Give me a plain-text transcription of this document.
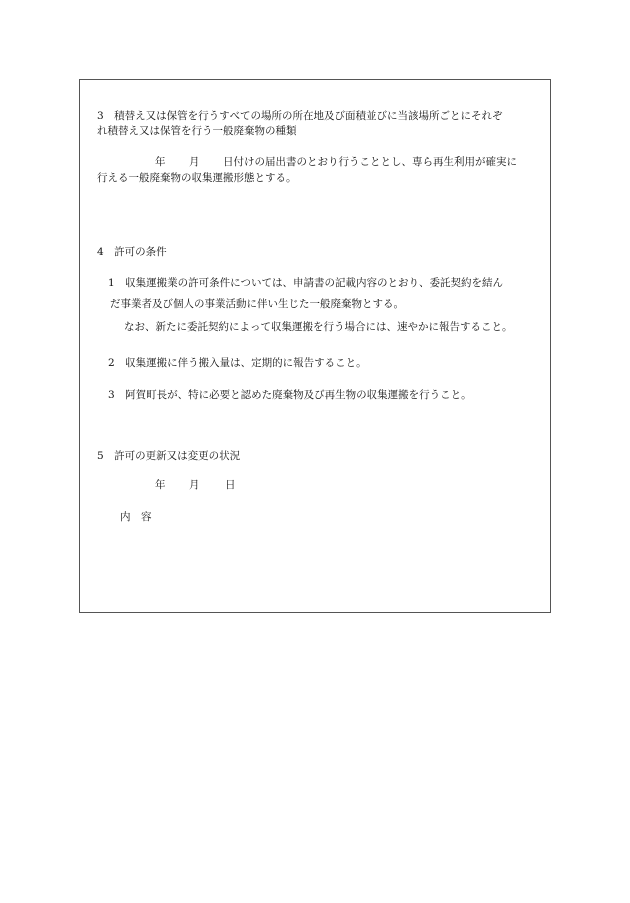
3　積替え又は保管を行うすべての場所の所在地及び面積並びに当該場所ごとにそれぞ
れ積替え又は保管を行う一般廃棄物の種類
年 月 日付けの届出書のとおり行うこととし、専ら再生利用が確実に
行える一般廃棄物の収集運搬形態とする。
4　許可の条件
1　収集運搬業の許可条件については、申請書の記載内容のとおり、委託契約を結ん
だ事業者及び個人の事業活動に伴い生じた一般廃棄物とする。
なお、新たに委託契約によって収集運搬を行う場合には、速やかに報告すること。
2　収集運搬に伴う搬入量は、定期的に報告すること。
3　阿賀町長が、特に必要と認めた廃棄物及び再生物の収集運搬を行うこと。
5　許可の更新又は変更の状況
年 月 日
内　容
